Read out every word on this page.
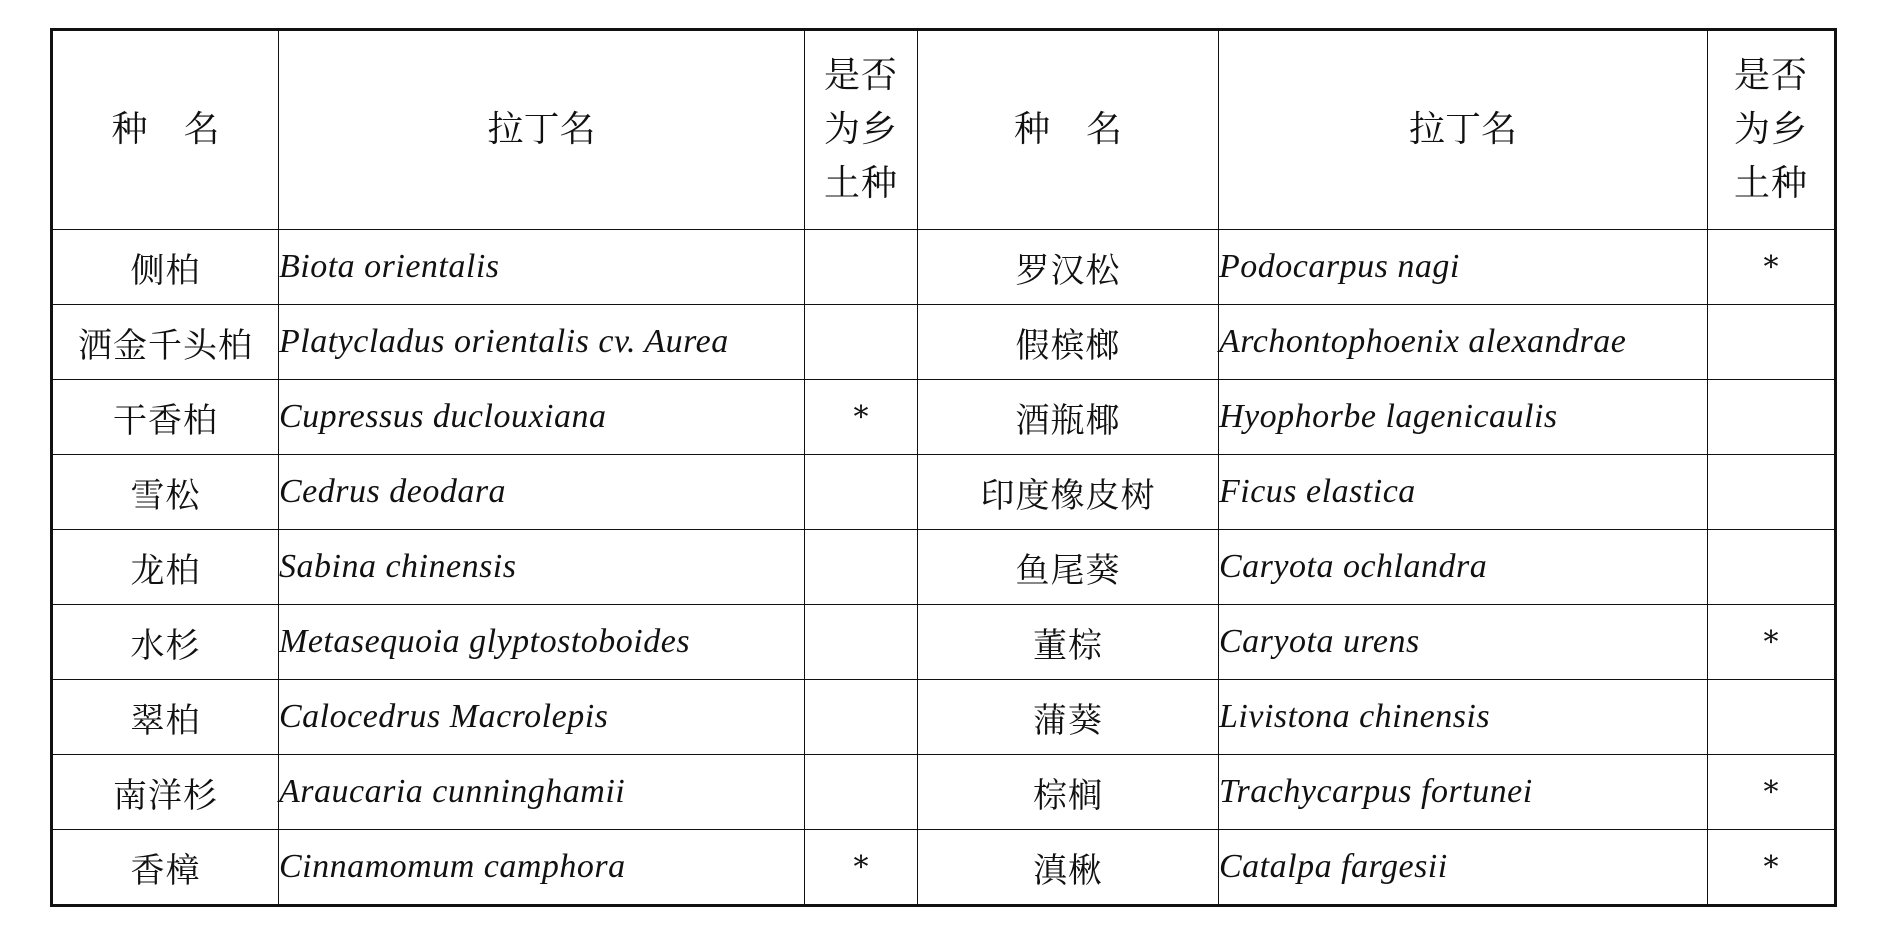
种　名	拉丁名	是否为乡土种	种　名	拉丁名	是否为乡土种
侧柏	Biota orientalis		罗汉松	Podocarpus nagi	*
洒金千头柏	Platycladus orientalis cv. Aurea		假槟榔	Archontophoenix alexandrae	
干香柏	Cupressus duclouxiana	*	酒瓶椰	Hyophorbe lagenicaulis	
雪松	Cedrus deodara		印度橡皮树	Ficus elastica	
龙柏	Sabina chinensis		鱼尾葵	Caryota ochlandra	
水杉	Metasequoia glyptostoboides		董棕	Caryota urens	*
翠柏	Calocedrus Macrolepis		蒲葵	Livistona chinensis	
南洋杉	Araucaria cunninghamii		棕榈	Trachycarpus fortunei	*
香樟	Cinnamomum camphora	*	滇楸	Catalpa fargesii	*
